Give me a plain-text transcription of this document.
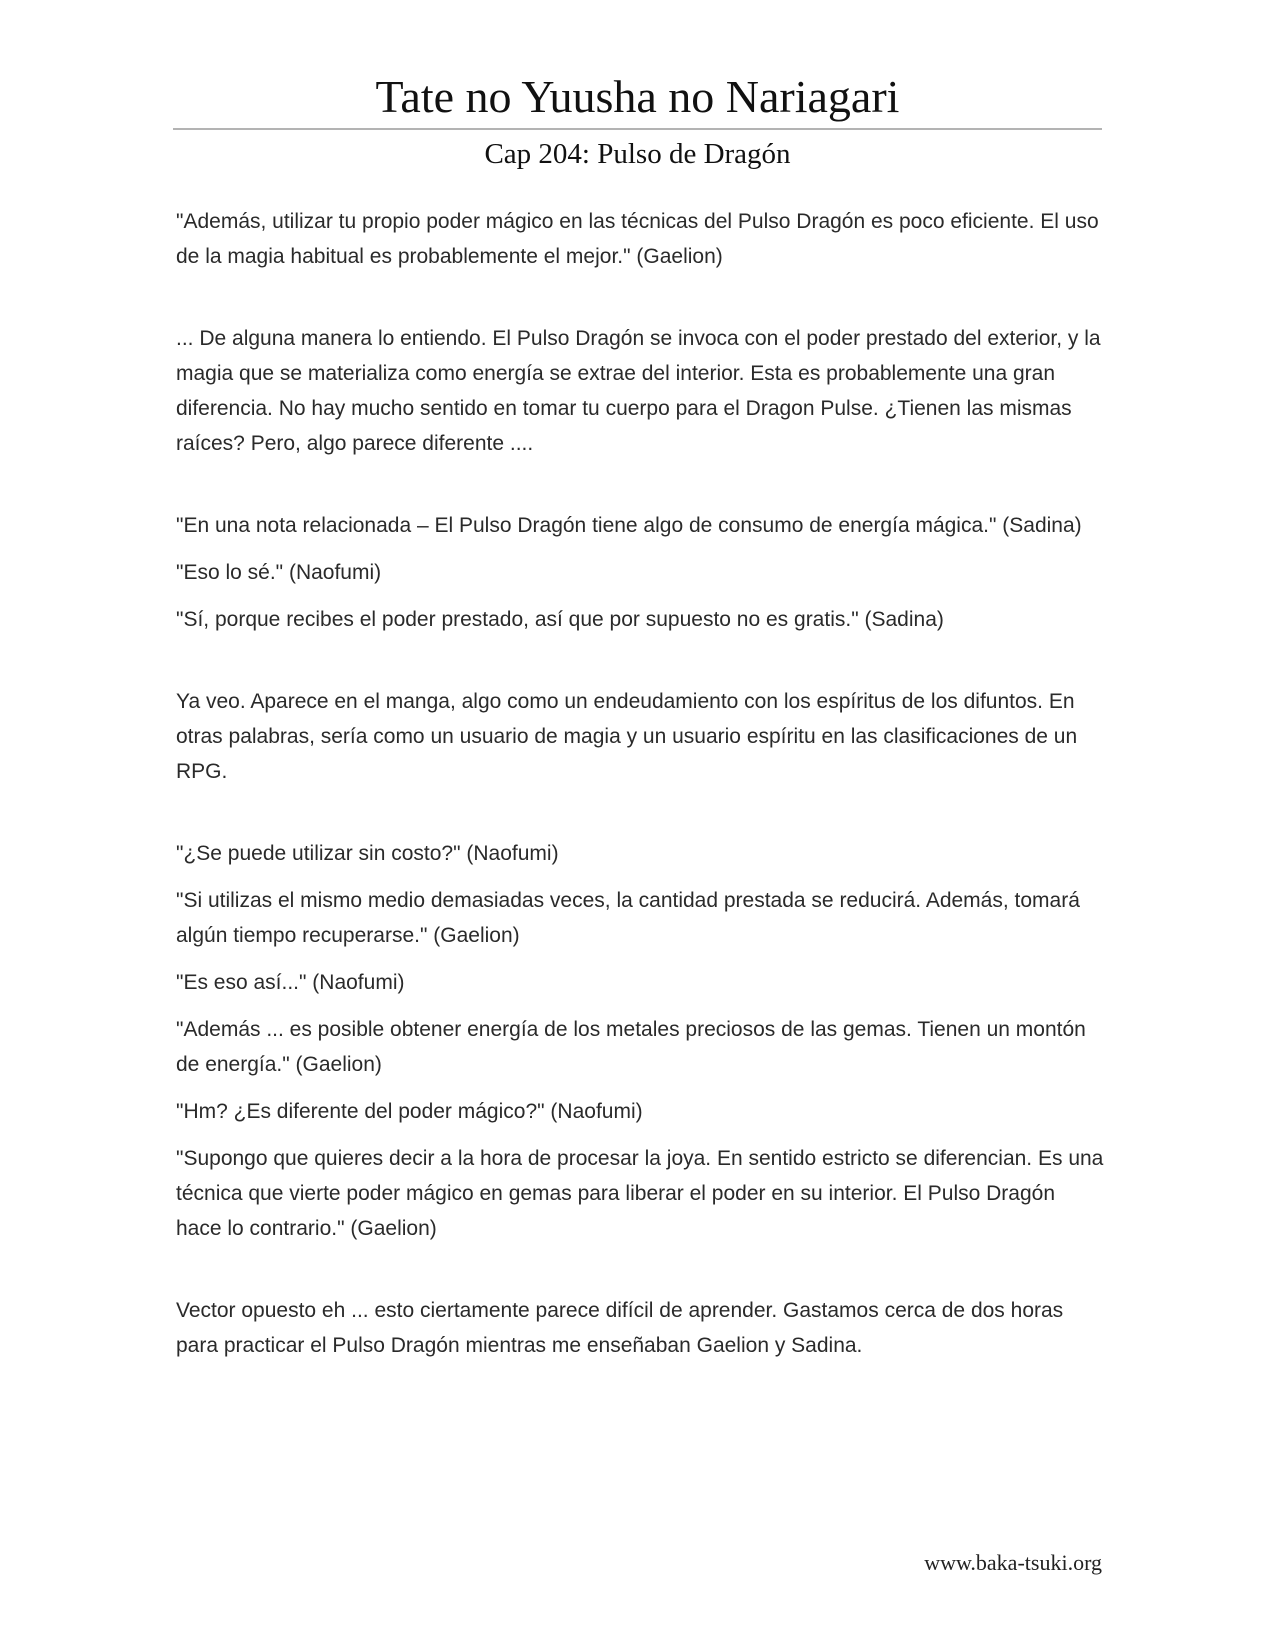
Tate no Yuusha no Nariagari
Cap 204: Pulso de Dragón

"Además, utilizar tu propio poder mágico en las técnicas del Pulso Dragón es poco eficiente. El uso de la magia habitual es probablemente el mejor." (Gaelion)

... De alguna manera lo entiendo. El Pulso Dragón se invoca con el poder prestado del exterior, y la magia que se materializa como energía se extrae del interior. Esta es probablemente una gran diferencia. No hay mucho sentido en tomar tu cuerpo para el Dragon Pulse. ¿Tienen las mismas raíces? Pero, algo parece diferente ....

"En una nota relacionada – El Pulso Dragón tiene algo de consumo de energía mágica." (Sadina)

"Eso lo sé." (Naofumi)

"Sí, porque recibes el poder prestado, así que por supuesto no es gratis." (Sadina)

Ya veo. Aparece en el manga, algo como un endeudamiento con los espíritus de los difuntos. En otras palabras, sería como un usuario de magia y un usuario espíritu en las clasificaciones de un RPG.

"¿Se puede utilizar sin costo?" (Naofumi)

"Si utilizas el mismo medio demasiadas veces, la cantidad prestada se reducirá. Además, tomará algún tiempo recuperarse." (Gaelion)

"Es eso así..." (Naofumi)

"Además ... es posible obtener energía de los metales preciosos de las gemas. Tienen un montón de energía." (Gaelion)

"Hm? ¿Es diferente del poder mágico?" (Naofumi)

"Supongo que quieres decir a la hora de procesar la joya. En sentido estricto se diferencian. Es una técnica que vierte poder mágico en gemas para liberar el poder en su interior. El Pulso Dragón hace lo contrario." (Gaelion)

Vector opuesto eh ... esto ciertamente parece difícil de aprender. Gastamos cerca de dos horas para practicar el Pulso Dragón mientras me enseñaban Gaelion y Sadina.

www.baka-tsuki.org
